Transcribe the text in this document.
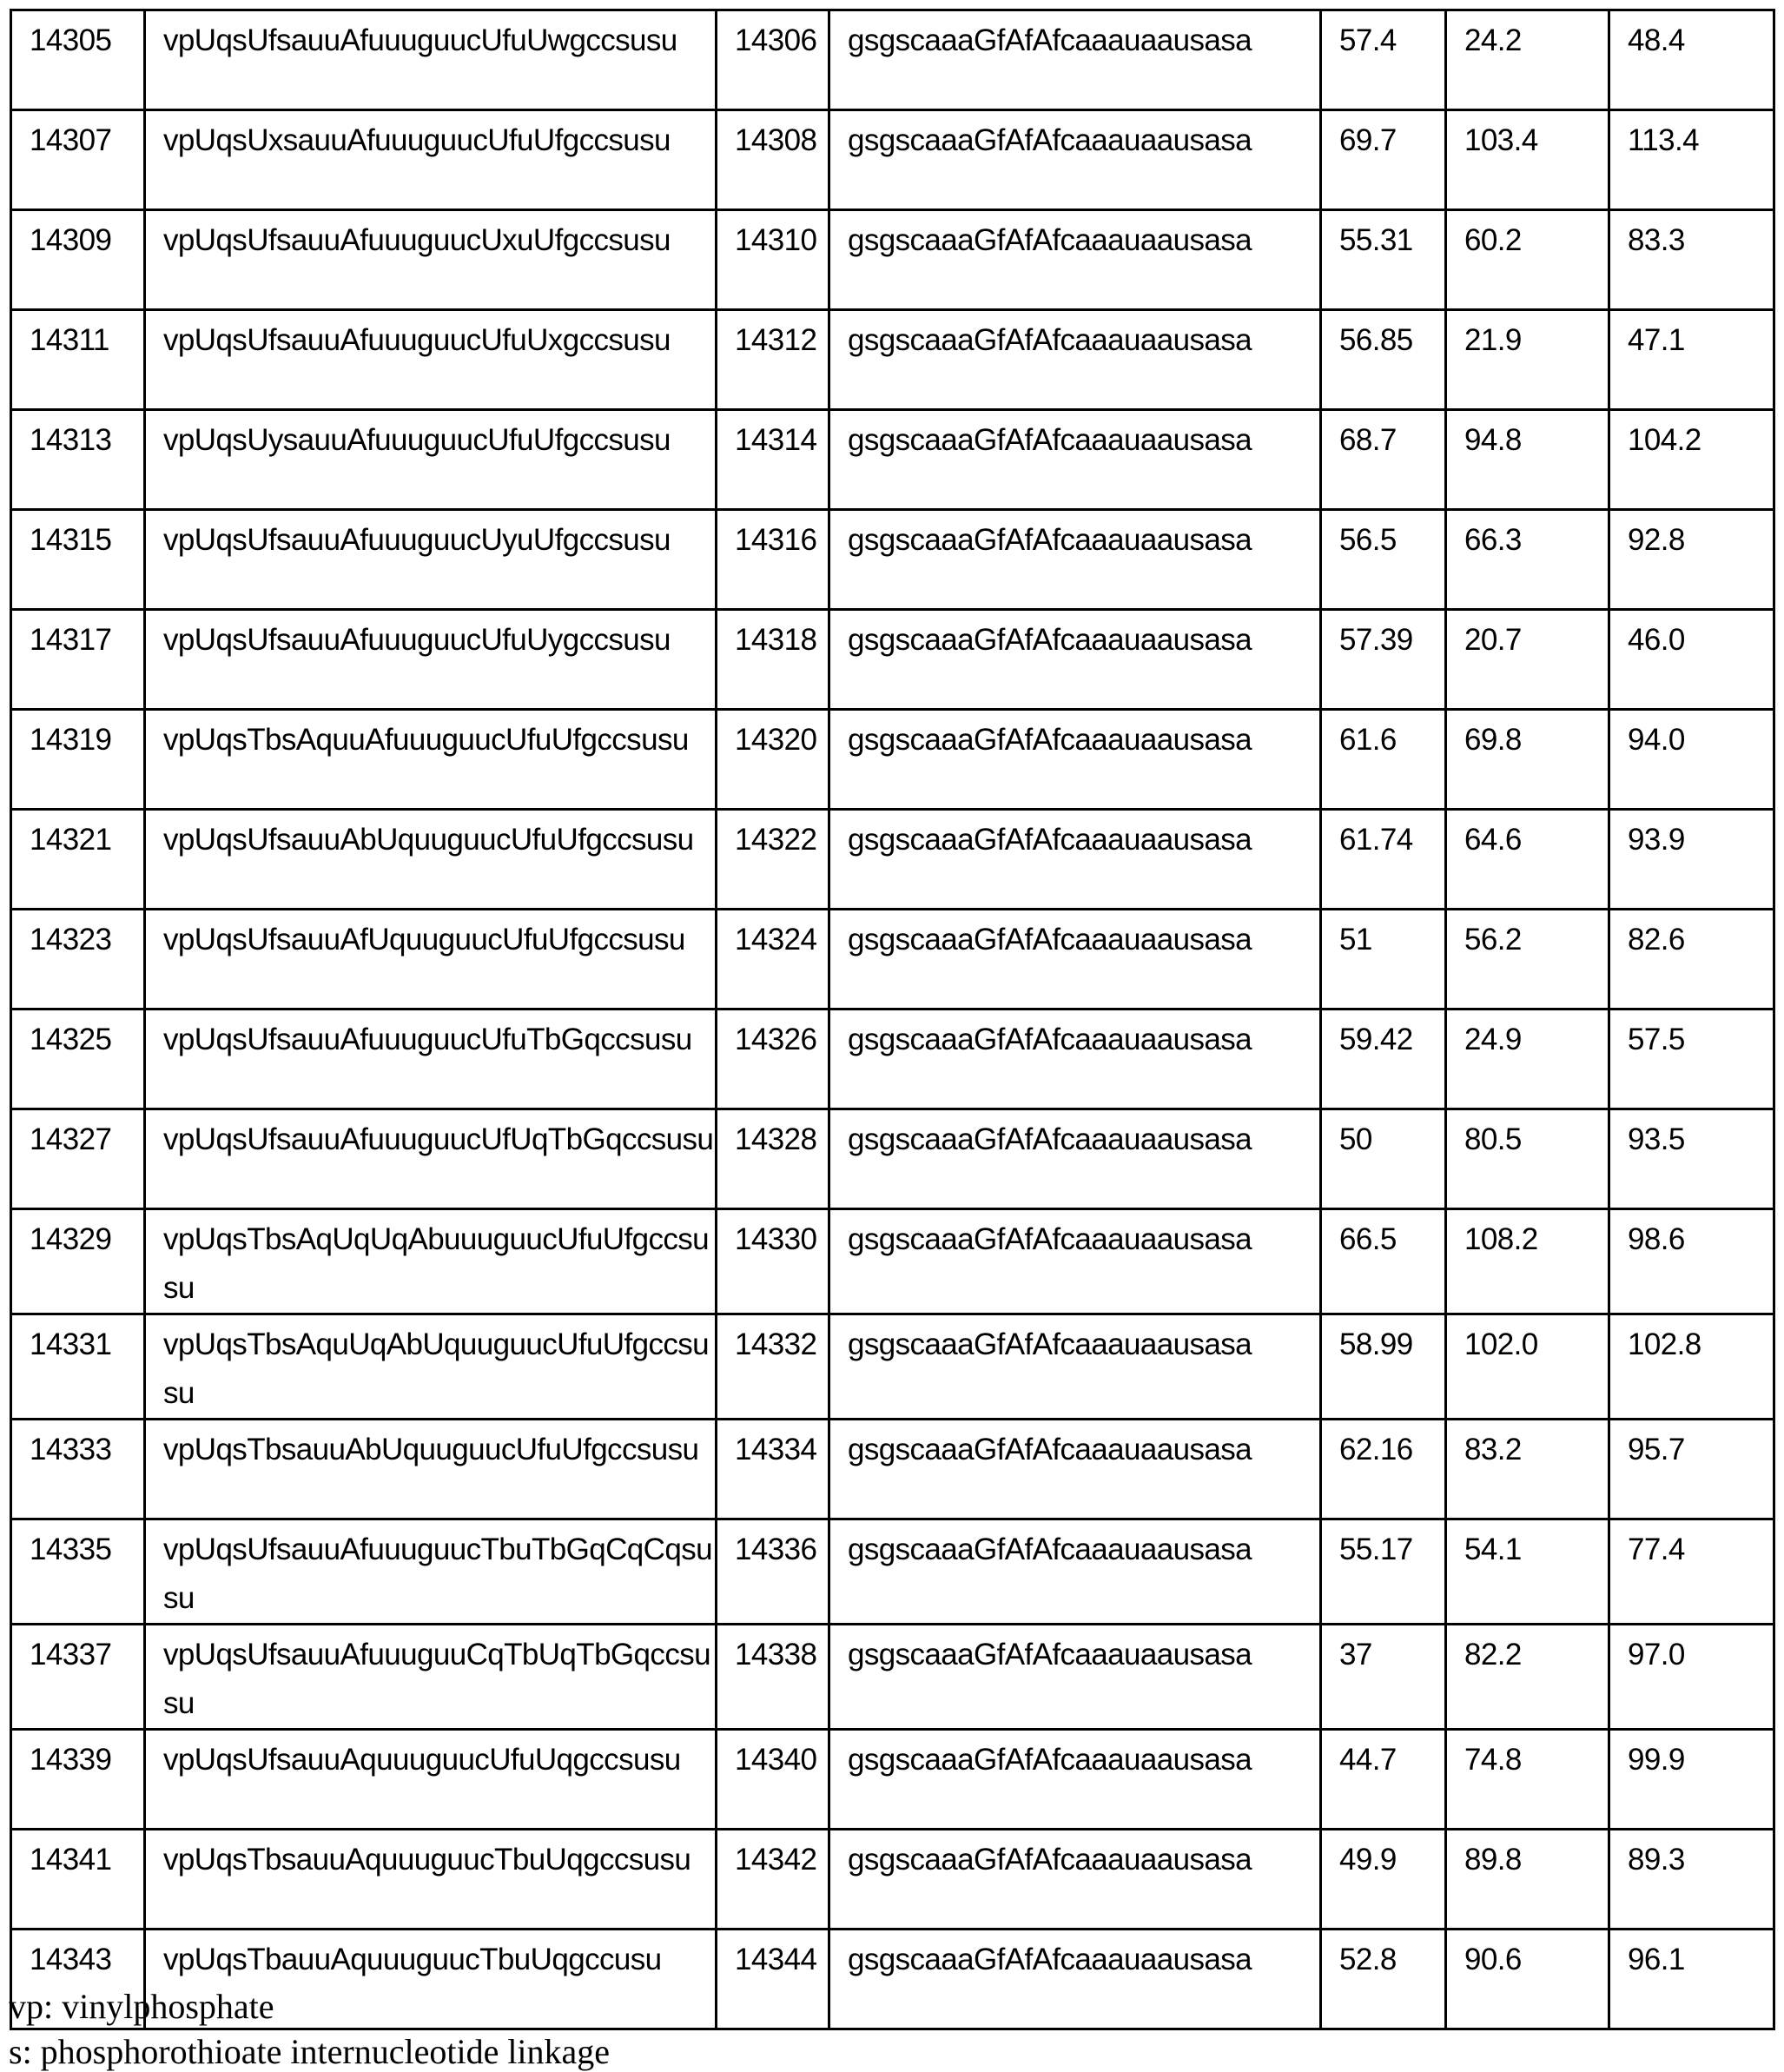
14305	vpUqsUfsauuAfuuuguucUfuUwgccsusu	14306	gsgscaaaGfAfAfcaaauaausasa	57.4	24.2	48.4
14307	vpUqsUxsauuAfuuuguucUfuUfgccsusu	14308	gsgscaaaGfAfAfcaaauaausasa	69.7	103.4	113.4
14309	vpUqsUfsauuAfuuuguucUxuUfgccsusu	14310	gsgscaaaGfAfAfcaaauaausasa	55.31	60.2	83.3
14311	vpUqsUfsauuAfuuuguucUfuUxgccsusu	14312	gsgscaaaGfAfAfcaaauaausasa	56.85	21.9	47.1
14313	vpUqsUysauuAfuuuguucUfuUfgccsusu	14314	gsgscaaaGfAfAfcaaauaausasa	68.7	94.8	104.2
14315	vpUqsUfsauuAfuuuguucUyuUfgccsusu	14316	gsgscaaaGfAfAfcaaauaausasa	56.5	66.3	92.8
14317	vpUqsUfsauuAfuuuguucUfuUygccsusu	14318	gsgscaaaGfAfAfcaaauaausasa	57.39	20.7	46.0
14319	vpUqsTbsAquuAfuuuguucUfuUfgccsusu	14320	gsgscaaaGfAfAfcaaauaausasa	61.6	69.8	94.0
14321	vpUqsUfsauuAbUquuguucUfuUfgccsusu	14322	gsgscaaaGfAfAfcaaauaausasa	61.74	64.6	93.9
14323	vpUqsUfsauuAfUquuguucUfuUfgccsusu	14324	gsgscaaaGfAfAfcaaauaausasa	51	56.2	82.6
14325	vpUqsUfsauuAfuuuguucUfuTbGqccsusu	14326	gsgscaaaGfAfAfcaaauaausasa	59.42	24.9	57.5
14327	vpUqsUfsauuAfuuuguucUfUqTbGqccsusu	14328	gsgscaaaGfAfAfcaaauaausasa	50	80.5	93.5
14329	vpUqsTbsAqUqUqAbuuuguucUfuUfgccsusu	14330	gsgscaaaGfAfAfcaaauaausasa	66.5	108.2	98.6
14331	vpUqsTbsAquUqAbUquuguucUfuUfgccsusu	14332	gsgscaaaGfAfAfcaaauaausasa	58.99	102.0	102.8
14333	vpUqsTbsauuAbUquuguucUfuUfgccsusu	14334	gsgscaaaGfAfAfcaaauaausasa	62.16	83.2	95.7
14335	vpUqsUfsauuAfuuuguucTbuTbGqCqCqsusu	14336	gsgscaaaGfAfAfcaaauaausasa	55.17	54.1	77.4
14337	vpUqsUfsauuAfuuuguuCqTbUqTbGqccsusu	14338	gsgscaaaGfAfAfcaaauaausasa	37	82.2	97.0
14339	vpUqsUfsauuAquuuguucUfuUqgccsusu	14340	gsgscaaaGfAfAfcaaauaausasa	44.7	74.8	99.9
14341	vpUqsTbsauuAquuuguucTbuUqgccsusu	14342	gsgscaaaGfAfAfcaaauaausasa	49.9	89.8	89.3
14343	vpUqsTbauuAquuuguucTbuUqgccusu	14344	gsgscaaaGfAfAfcaaauaausasa	52.8	90.6	96.1
vp: vinylphosphate
s: phosphorothioate internucleotide linkage
